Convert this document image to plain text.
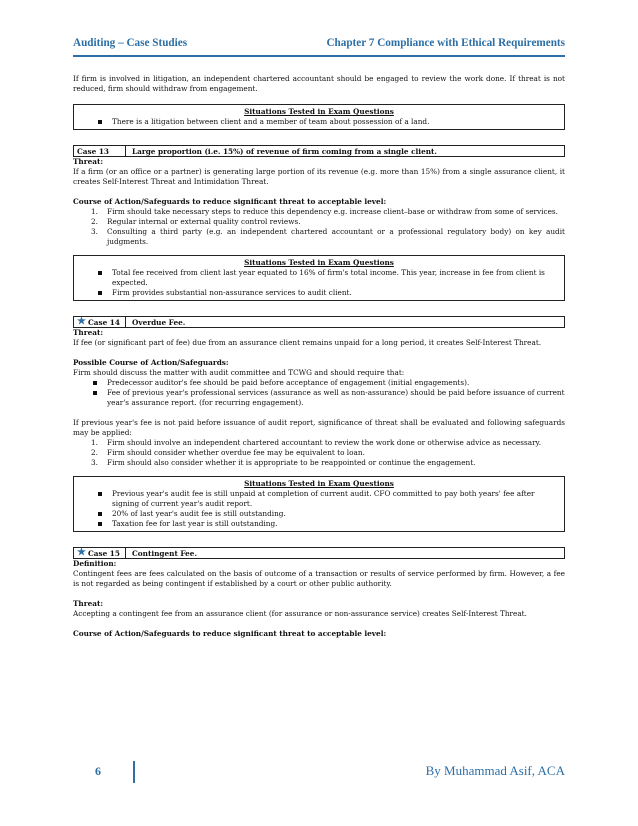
Auditing – Case Studies	Chapter 7 Compliance with Ethical Requirements

If firm is involved in litigation, an independent chartered accountant should be engaged to review the work done. If threat is not reduced, firm should withdraw from engagement.

Situations Tested in Exam Questions
There is a litigation between client and a member of team about possession of a land.
Case 13	Large proportion (i.e. 15%) of revenue of firm coming from a single client.
Threat:

If a firm (or an office or a partner) is generating large portion of its revenue (e.g. more than 15%) from a single assurance client, it creates Self-Interest Threat and Intimidation Threat.

Course of Action/Safeguards to reduce significant threat to acceptable level:
1. Firm should take necessary steps to reduce this dependency e.g. increase client–base or withdraw from some of services.
2. Regular internal or external quality control reviews.
3. Consulting a third party (e.g. an independent chartered accountant or a professional regulatory body) on key audit judgments.
Situations Tested in Exam Questions
Total fee received from client last year equated to 16% of firm's total income. This year, increase in fee from client is expected.
Firm provides substantial non-assurance services to audit client.
★ Case 14	Overdue Fee.
Threat:

If fee (or significant part of fee) due from an assurance client remains unpaid for a long period, it creates Self-Interest Threat.

Possible Course of Action/Safeguards:
Firm should discuss the matter with audit committee and TCWG and should require that:
Predecessor auditor's fee should be paid before acceptance of engagement (initial engagements).
Fee of previous year's professional services (assurance as well as non-assurance) should be paid before issuance of current year's assurance report. (for recurring engagement).

If previous year's fee is not paid before issuance of audit report, significance of threat shall be evaluated and following safeguards may be applied:

1. Firm should involve an independent chartered accountant to review the work done or otherwise advice as necessary.
2. Firm should consider whether overdue fee may be equivalent to loan.
3. Firm should also consider whether it is appropriate to be reappointed or continue the engagement.
Situations Tested in Exam Questions
Previous year's audit fee is still unpaid at completion of current audit. CFO committed to pay both years' fee after signing of current year's audit report.
20% of last year's audit fee is still outstanding.
Taxation fee for last year is still outstanding.
★ Case 15	Contingent Fee.
Definition:

Contingent fees are fees calculated on the basis of outcome of a transaction or results of service performed by firm. However, a fee is not regarded as being contingent if established by a court or other public authority.

Threat:

Accepting a contingent fee from an assurance client (for assurance or non-assurance service) creates Self-Interest Threat.

Course of Action/Safeguards to reduce significant threat to acceptable level:
6	By Muhammad Asif, ACA
